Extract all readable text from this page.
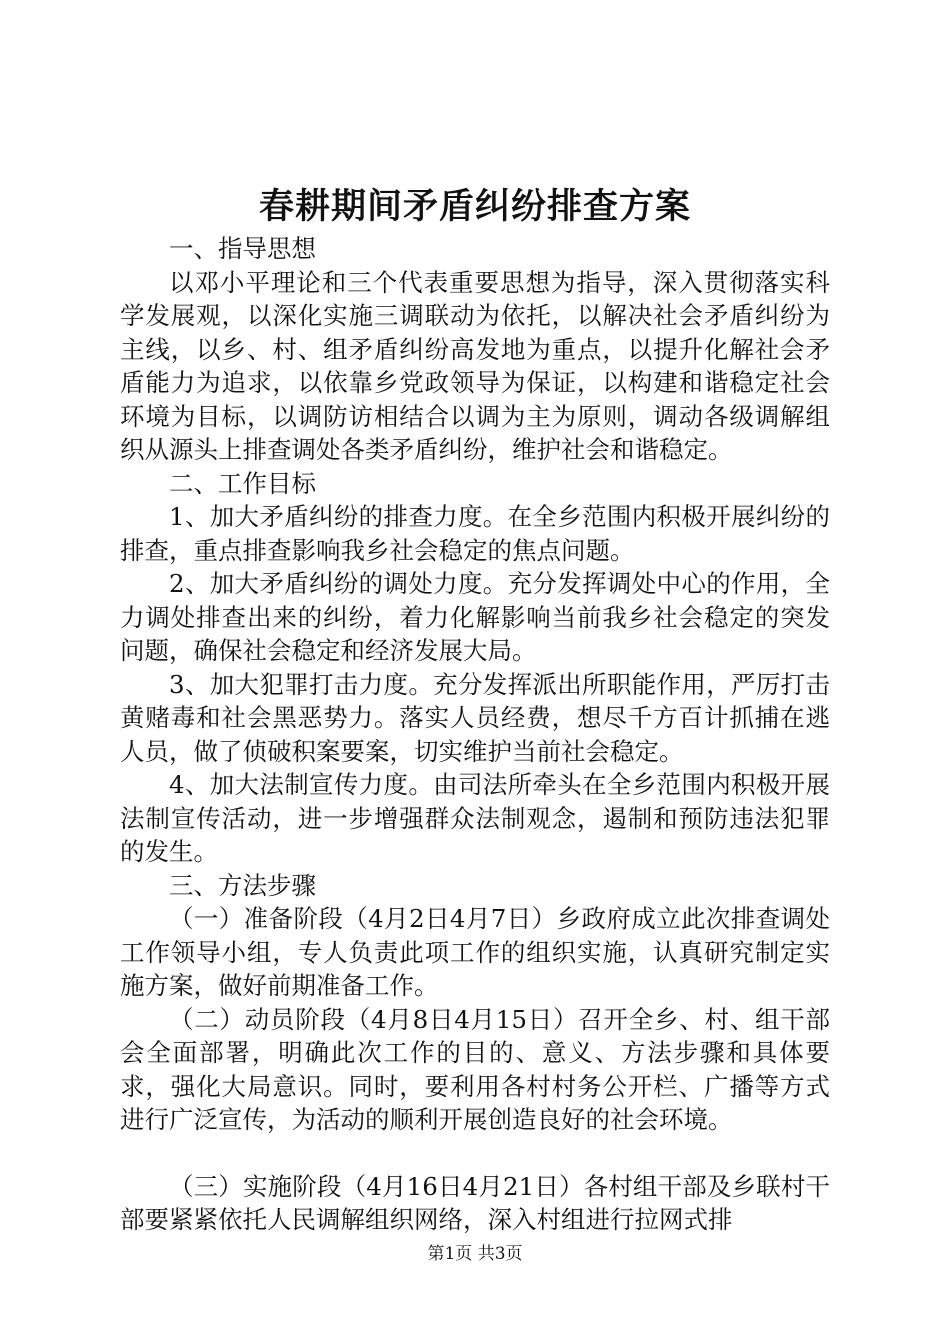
春耕期间矛盾纠纷排查方案

一、指导思想

以邓小平理论和三个代表重要思想为指导，深入贯彻落实科学发展观，以深化实施三调联动为依托，以解决社会矛盾纠纷为主线，以乡、村、组矛盾纠纷高发地为重点，以提升化解社会矛盾能力为追求，以依靠乡党政领导为保证，以构建和谐稳定社会环境为目标，以调防访相结合以调为主为原则，调动各级调解组织从源头上排查调处各类矛盾纠纷，维护社会和谐稳定。

二、工作目标

1、加大矛盾纠纷的排查力度。在全乡范围内积极开展纠纷的排查，重点排查影响我乡社会稳定的焦点问题。

2、加大矛盾纠纷的调处力度。充分发挥调处中心的作用，全力调处排查出来的纠纷，着力化解影响当前我乡社会稳定的突发问题，确保社会稳定和经济发展大局。

3、加大犯罪打击力度。充分发挥派出所职能作用，严厉打击黄赌毒和社会黑恶势力。落实人员经费，想尽千方百计抓捕在逃人员，做了侦破积案要案，切实维护当前社会稳定。

4、加大法制宣传力度。由司法所牵头在全乡范围内积极开展法制宣传活动，进一步增强群众法制观念，遏制和预防违法犯罪的发生。

三、方法步骤

（一）准备阶段（4月2日4月7日）乡政府成立此次排查调处工作领导小组，专人负责此项工作的组织实施，认真研究制定实施方案，做好前期准备工作。

（二）动员阶段（4月8日4月15日）召开全乡、村、组干部会全面部署，明确此次工作的目的、意义、方法步骤和具体要求，强化大局意识。同时，要利用各村村务公开栏、广播等方式进行广泛宣传，为活动的顺利开展创造良好的社会环境。

（三）实施阶段（4月16日4月21日）各村组干部及乡联村干部要紧紧依托人民调解组织网络，深入村组进行拉网式排

第1页 共3页
